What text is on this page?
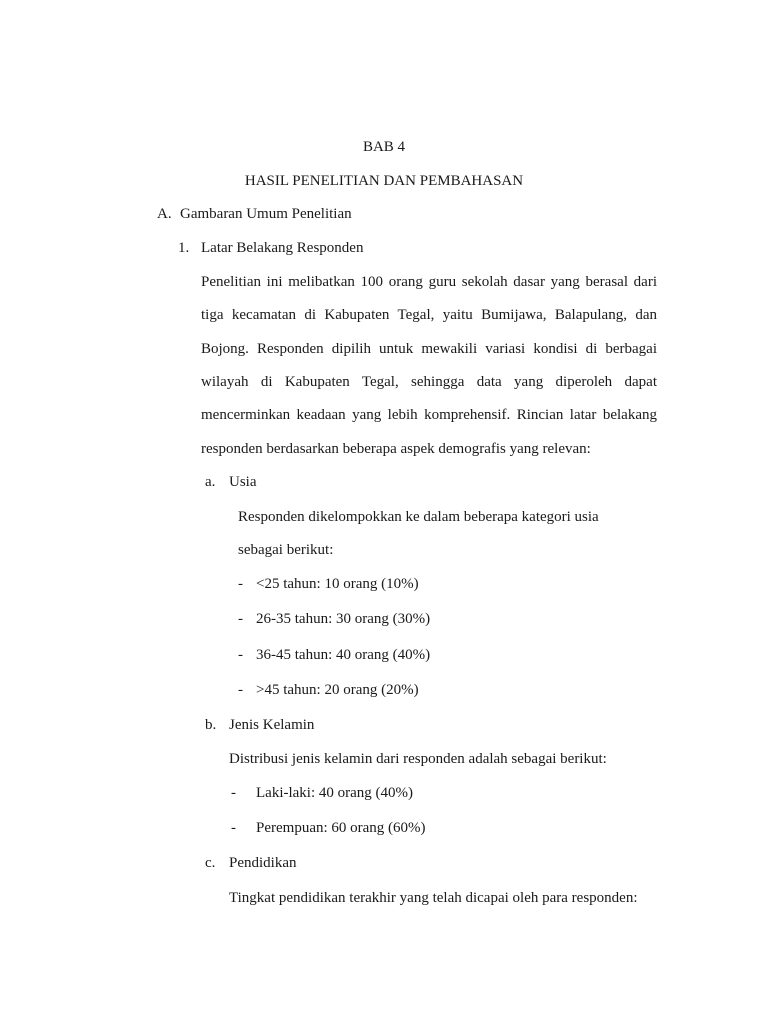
BAB 4
HASIL PENELITIAN DAN PEMBAHASAN
A. Gambaran Umum Penelitian
1. Latar Belakang Responden
Penelitian ini melibatkan 100 orang guru sekolah dasar yang berasal dari
tiga kecamatan di Kabupaten Tegal, yaitu Bumijawa, Balapulang, dan
Bojong. Responden dipilih untuk mewakili variasi kondisi di berbagai
wilayah di Kabupaten Tegal, sehingga data yang diperoleh dapat
mencerminkan keadaan yang lebih komprehensif. Rincian latar belakang
responden berdasarkan beberapa aspek demografis yang relevan:
a. Usia
Responden dikelompokkan ke dalam beberapa kategori usia
sebagai berikut:
- <25 tahun: 10 orang (10%)
- 26-35 tahun: 30 orang (30%)
- 36-45 tahun: 40 orang (40%)
- >45 tahun: 20 orang (20%)
b. Jenis Kelamin
Distribusi jenis kelamin dari responden adalah sebagai berikut:
- Laki-laki: 40 orang (40%)
- Perempuan: 60 orang (60%)
c. Pendidikan
Tingkat pendidikan terakhir yang telah dicapai oleh para responden:
